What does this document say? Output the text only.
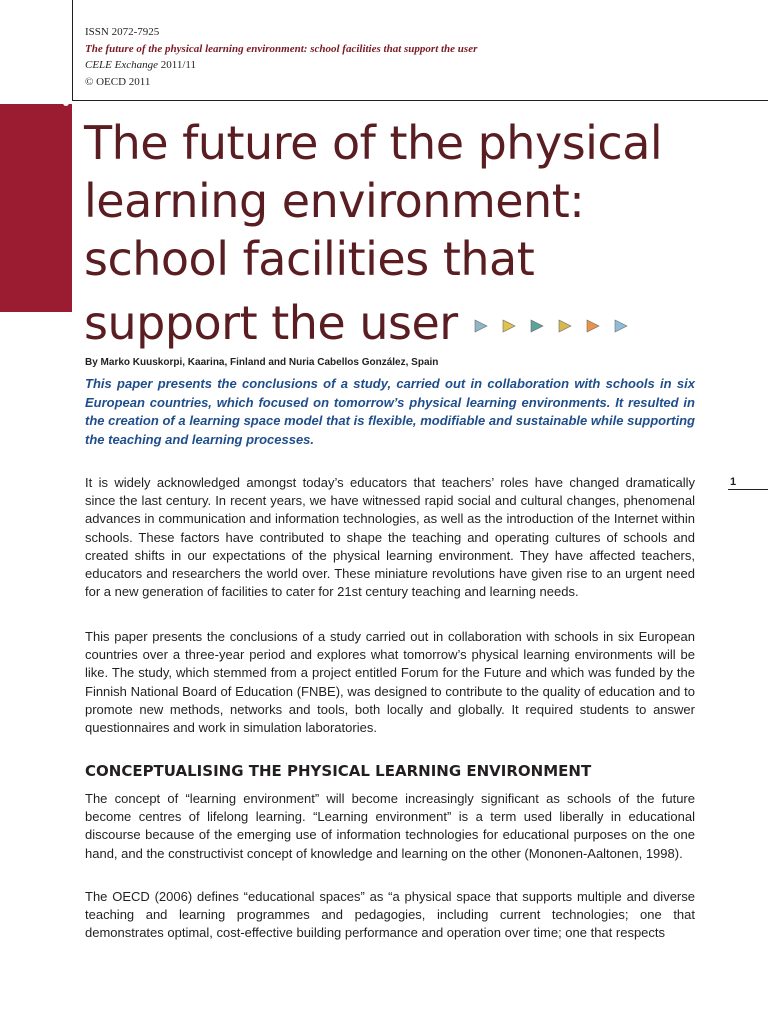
ISSN 2072-7925
The future of the physical learning environment: school facilities that support the user
CELE Exchange 2011/11
© OECD 2011
The future of the physical
learning environment:
school facilities that
support the user
By Marko Kuuskorpi, Kaarina, Finland and Nuria Cabellos González, Spain

This paper presents the conclusions of a study, carried out in collaboration with schools in six European countries, which focused on tomorrow’s physical learning environments. It resulted in the creation of a learning space model that is flexible, modifiable and sustainable while supporting the teaching and learning processes.

It is widely acknowledged amongst today’s educators that teachers’ roles have changed dramatically since the last century. In recent years, we have witnessed rapid social and cultural changes, phenomenal advances in communication and information technologies, as well as the introduction of the Internet within schools. These factors have contributed to shape the teaching and operating cultures of schools and created shifts in our expectations of the physical learning environment. They have affected teachers, educators and researchers the world over. These miniature revolutions have given rise to an urgent need for a new generation of facilities to cater for 21st century teaching and learning needs.

This paper presents the conclusions of a study carried out in collaboration with schools in six European countries over a three-year period and explores what tomorrow’s physical learning environments will be like. The study, which stemmed from a project entitled Forum for the Future and which was funded by the Finnish National Board of Education (FNBE), was designed to contribute to the quality of education and to promote new methods, networks and tools, both locally and globally. It required students to answer questionnaires and work in simulation laboratories.

CONCEPTUALISING THE PHYSICAL LEARNING ENVIRONMENT

The concept of “learning environment” will become increasingly significant as schools of the future become centres of lifelong learning. “Learning environment” is a term used liberally in educational discourse because of the emerging use of information technologies for educational purposes on the one hand, and the constructivist concept of knowledge and learning on the other (Mononen-Aaltonen, 1998).

The OECD (2006) defines “educational spaces” as “a physical space that supports multiple and diverse teaching and learning programmes and pedagogies, including current technologies; one that demonstrates optimal, cost-effective building performance and operation over time; one that respects

1
